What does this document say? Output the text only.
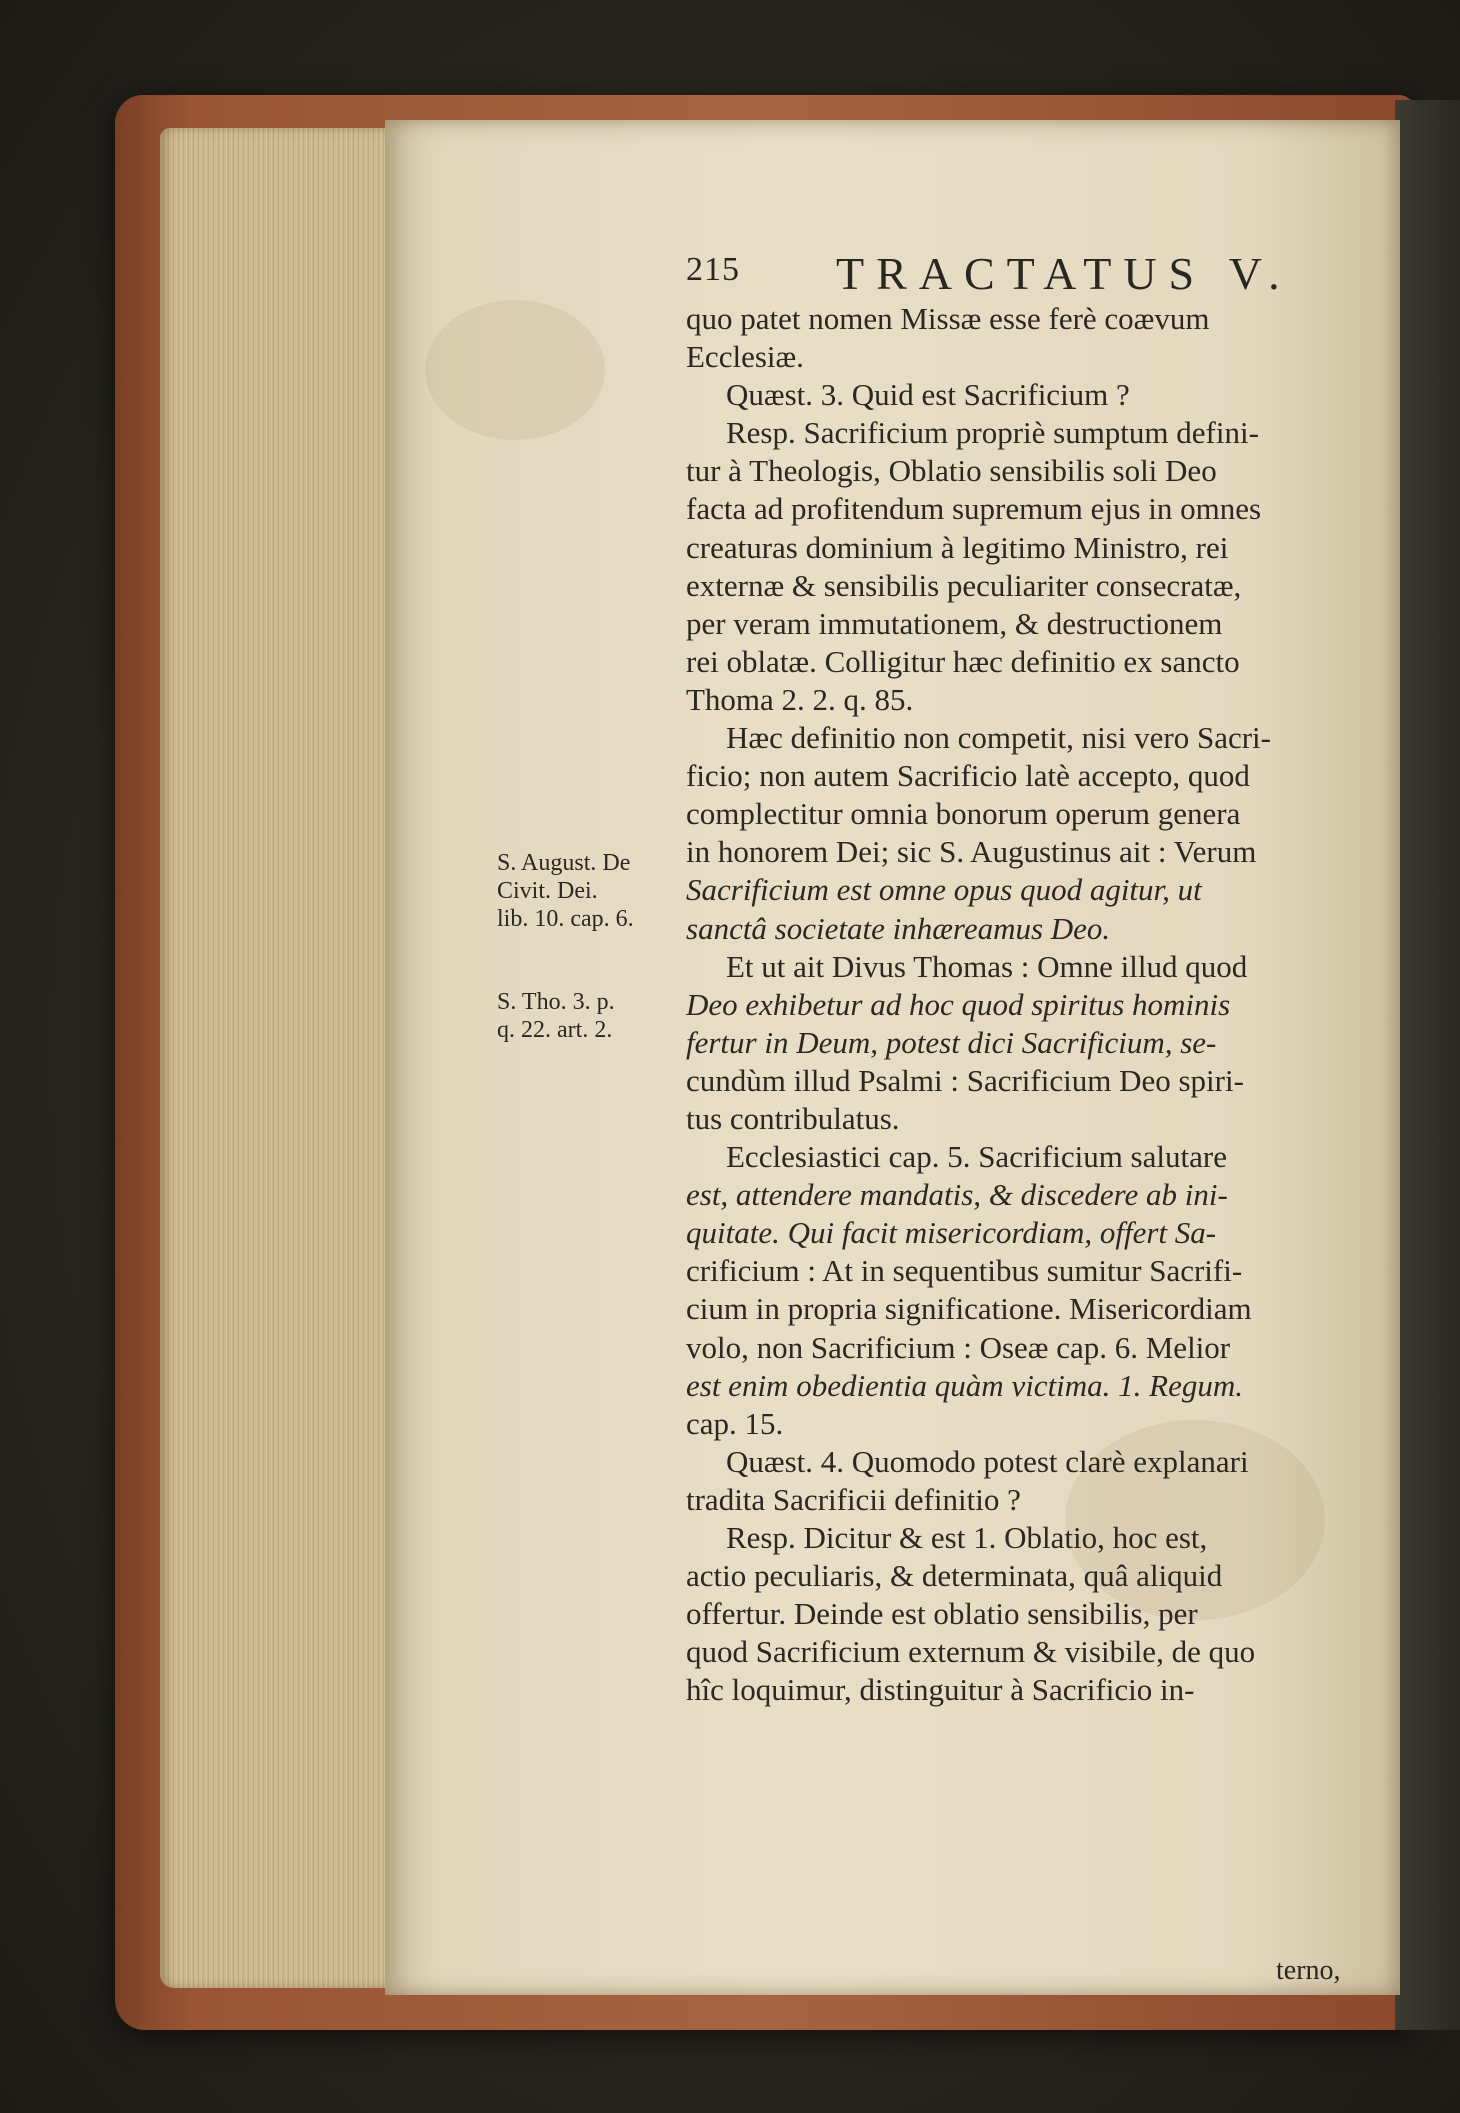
215 TRACTATUS V.
S. August. De
Civit. Dei.
lib. 10. cap. 6.
S. Tho. 3. p.
q. 22. art. 2.
quo patet nomen Missæ esse ferè coævum
Ecclesiæ.
Quæst. 3. Quid est Sacrificium ?
Resp. Sacrificium propriè sumptum defini-
tur à Theologis, Oblatio sensibilis soli Deo
facta ad profitendum supremum ejus in omnes
creaturas dominium à legitimo Ministro, rei
externæ & sensibilis peculiariter consecratæ,
per veram immutationem, & destructionem
rei oblatæ. Colligitur hæc definitio ex sancto
Thoma 2. 2. q. 85.
Hæc definitio non competit, nisi vero Sacri-
ficio; non autem Sacrificio latè accepto, quod
complectitur omnia bonorum operum genera
in honorem Dei; sic S. Augustinus ait : Verum
Sacrificium est omne opus quod agitur, ut
sanctâ societate inhæreamus Deo.
Et ut ait Divus Thomas : Omne illud quod
Deo exhibetur ad hoc quod spiritus hominis
fertur in Deum, potest dici Sacrificium, se-
cundùm illud Psalmi : Sacrificium Deo spiri-
tus contribulatus.
Ecclesiastici cap. 5. Sacrificium salutare
est, attendere mandatis, & discedere ab ini-
quitate. Qui facit misericordiam, offert Sa-
crificium : At in sequentibus sumitur Sacrifi-
cium in propria significatione. Misericordiam
volo, non Sacrificium : Oseæ cap. 6. Melior
est enim obedientia quàm victima. 1. Regum.
cap. 15.
Quæst. 4. Quomodo potest clarè explanari
tradita Sacrificii definitio ?
Resp. Dicitur & est 1. Oblatio, hoc est,
actio peculiaris, & determinata, quâ aliquid
offertur. Deinde est oblatio sensibilis, per
quod Sacrificium externum & visibile, de quo
hîc loquimur, distinguitur à Sacrificio in-
terno,
